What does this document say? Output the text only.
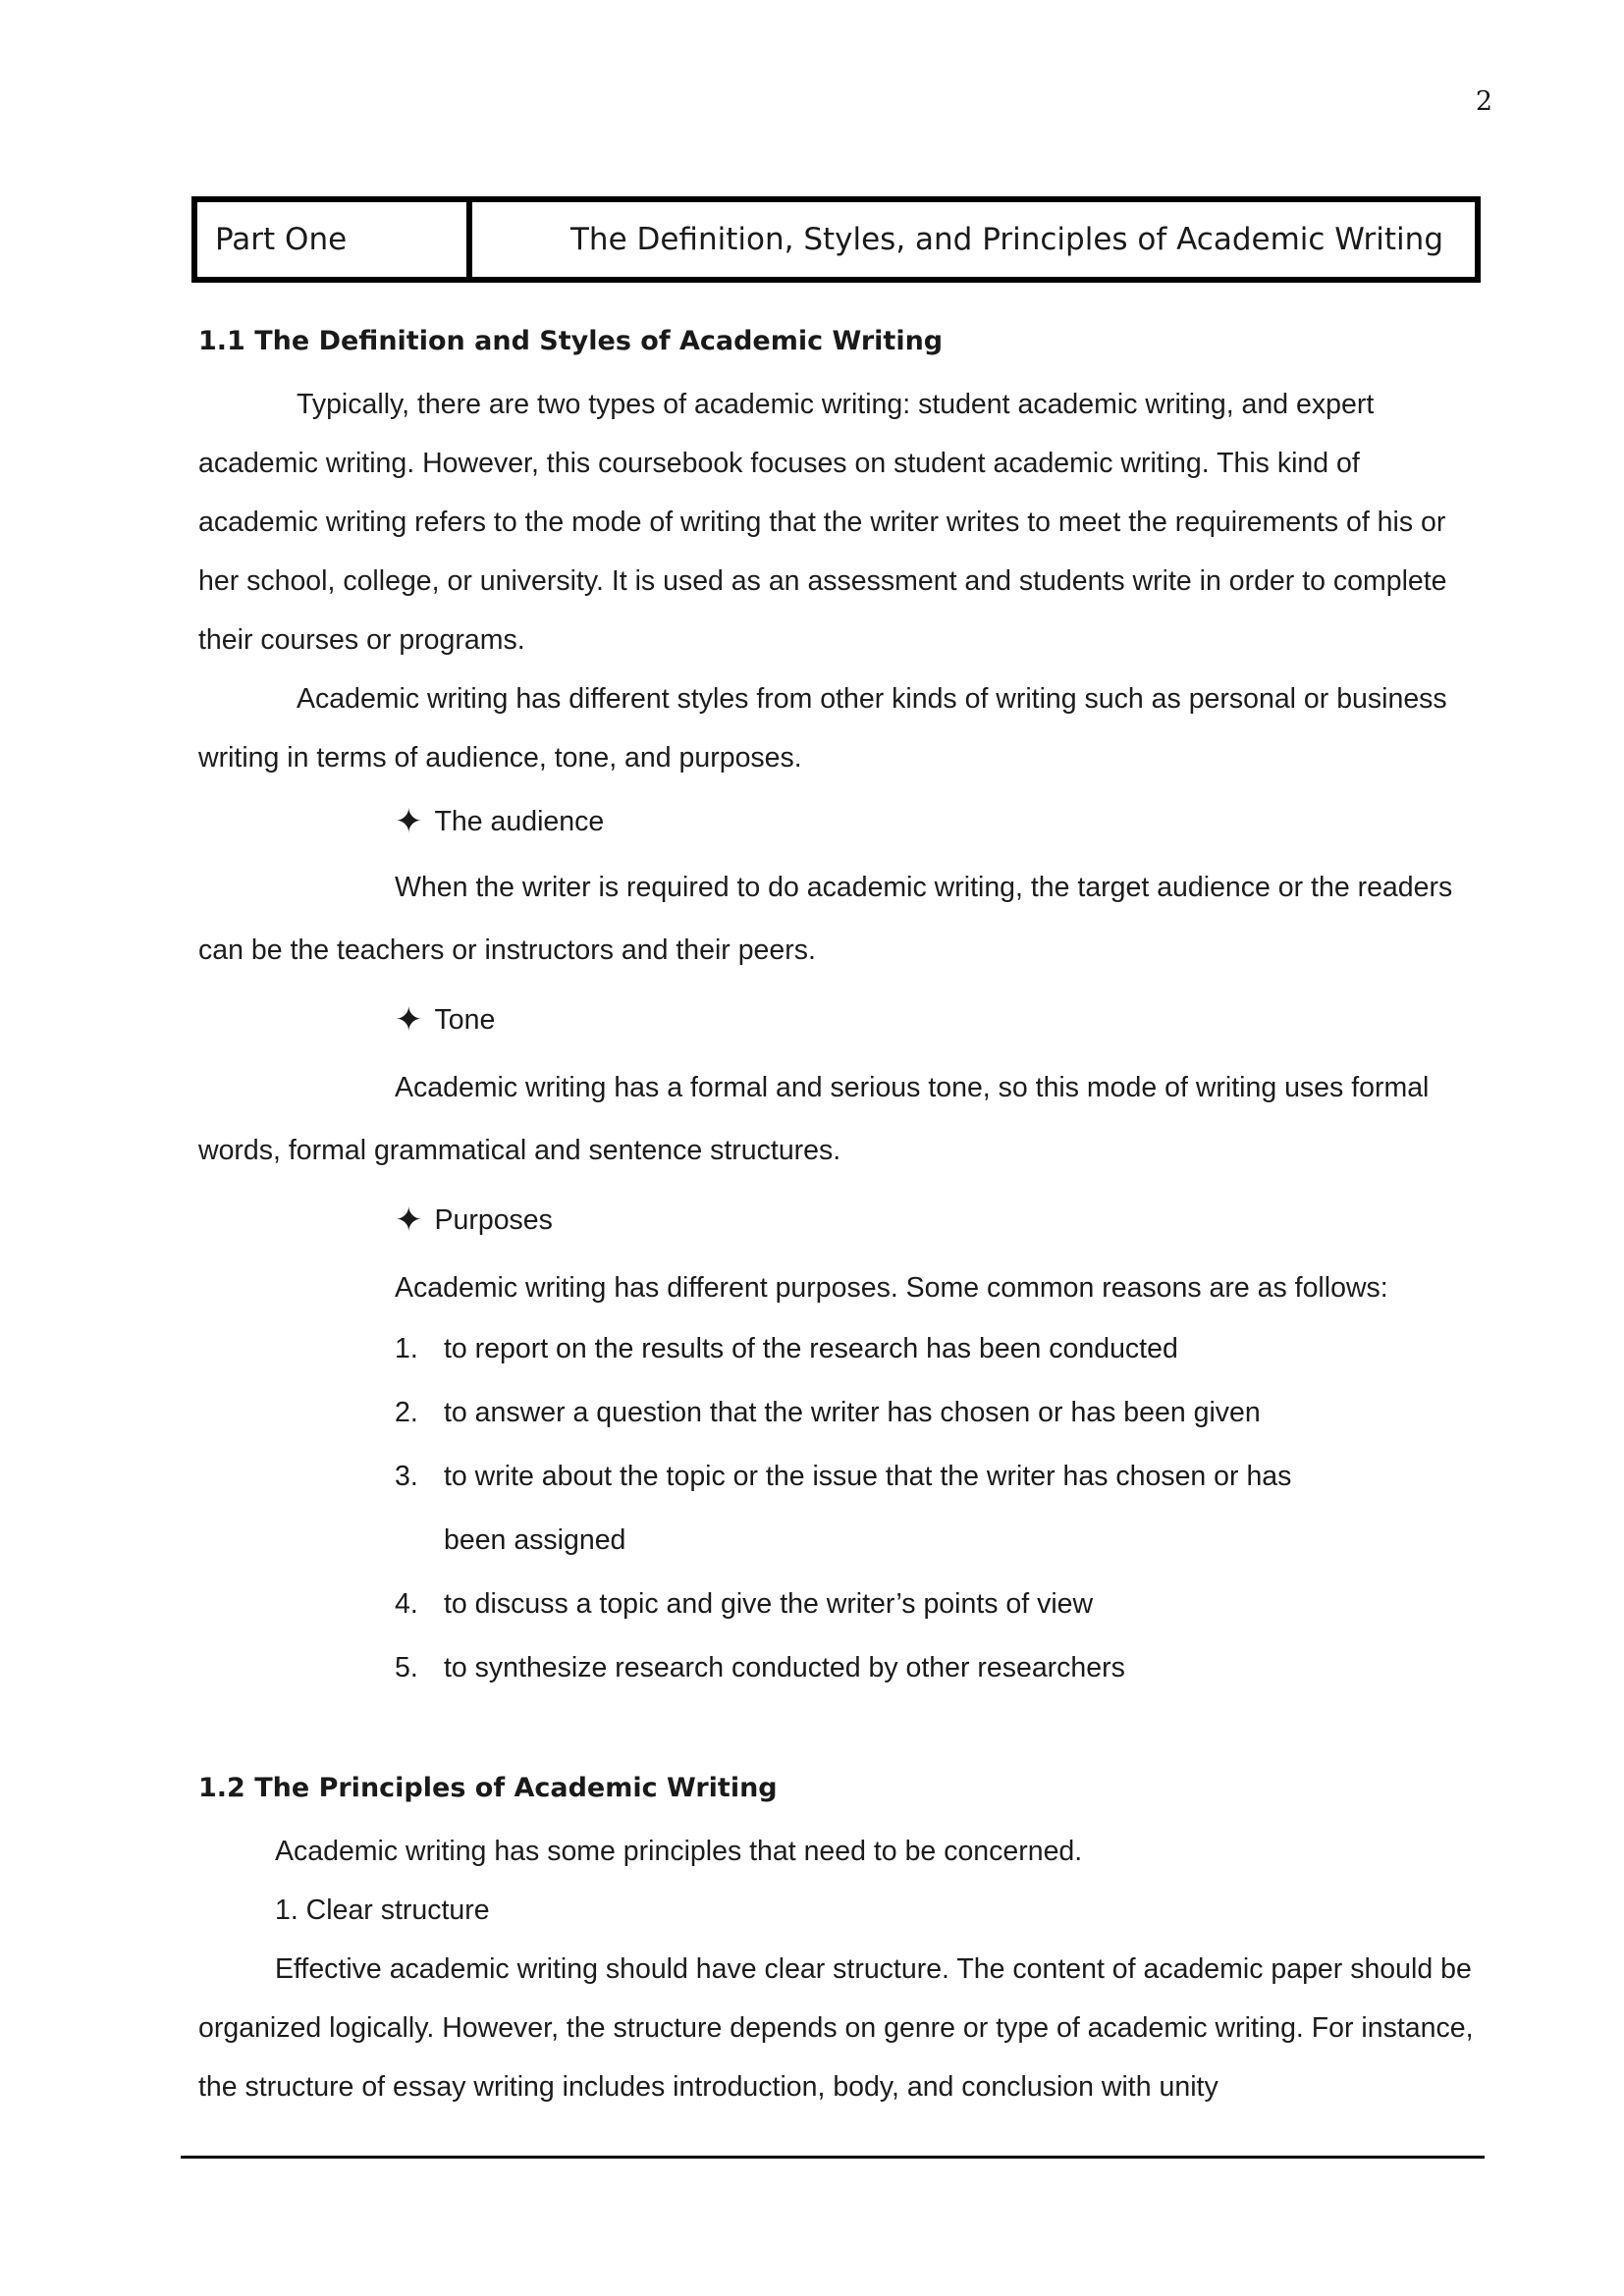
2
Part One	The Definition, Styles, and Principles of Academic Writing
1.1 The Definition and Styles of Academic Writing

Typically, there are two types of academic writing: student academic writing, and expert academic writing. However, this coursebook focuses on student academic writing. This kind of academic writing refers to the mode of writing that the writer writes to meet the requirements of his or her school, college, or university. It is used as an assessment and students write in order to complete their courses or programs.

Academic writing has different styles from other kinds of writing such as personal or business writing in terms of audience, tone, and purposes.

✦ The audience

When the writer is required to do academic writing, the target audience or the readers can be the teachers or instructors and their peers.

✦ Tone

Academic writing has a formal and serious tone, so this mode of writing uses formal words, formal grammatical and sentence structures.

✦ Purposes

Academic writing has different purposes. Some common reasons are as follows:

1. to report on the results of the research has been conducted
2. to answer a question that the writer has chosen or has been given
3. to write about the topic or the issue that the writer has chosen or has been assigned
4. to discuss a topic and give the writer’s points of view
5. to synthesize research conducted by other researchers
1.2 The Principles of Academic Writing

Academic writing has some principles that need to be concerned.

1. Clear structure

Effective academic writing should have clear structure. The content of academic paper should be organized logically. However, the structure depends on genre or type of academic writing. For instance, the structure of essay writing includes introduction, body, and conclusion with unity
